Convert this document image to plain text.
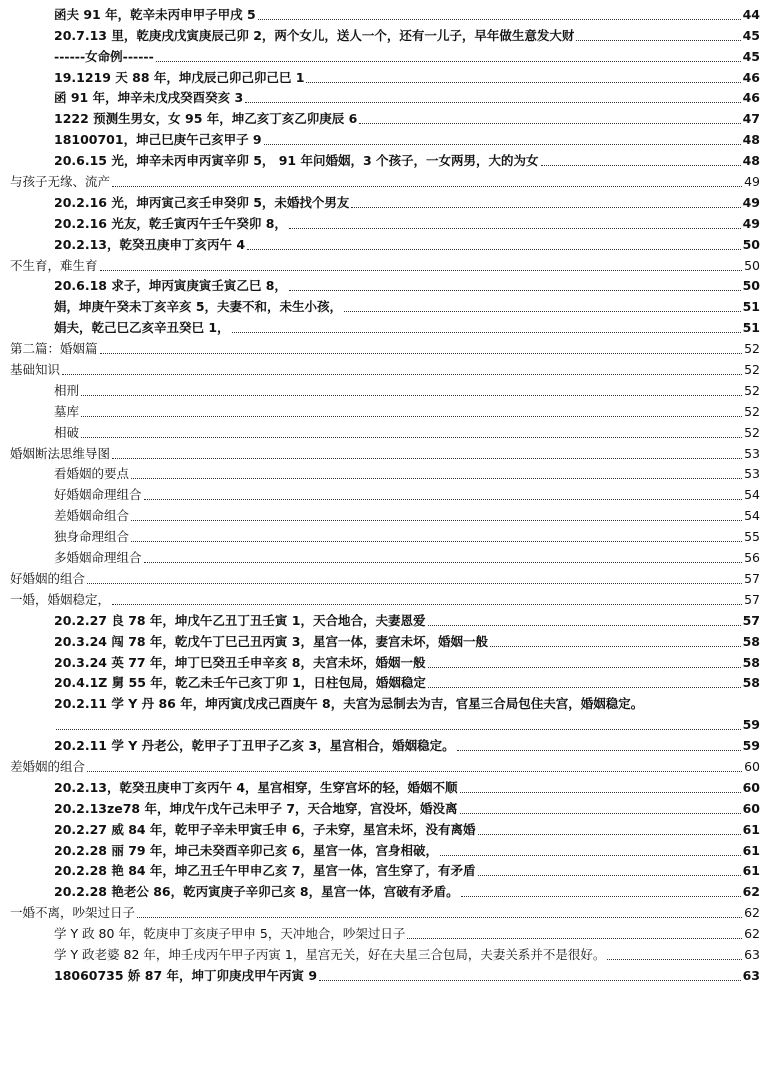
函夫 91 年，乾辛未丙申甲子甲戌 5	44
20.7.13 里，乾庚戌戊寅庚辰己卯 2，两个女儿，送人一个，还有一儿子，早年做生意发大财	45
------女命例------	45
19.1219 天 88 年，坤戊辰己卯己卯己巳 1	46
函 91 年，坤辛未戊戌癸酉癸亥 3	46
1222 预测生男女，女 95 年，坤乙亥丁亥乙卯庚辰 6	47
18100701，坤己巳庚午己亥甲子 9	48
20.6.15 光，坤辛未丙申丙寅辛卯 5， 91 年问婚姻，3 个孩子，一女两男，大的为女	48
与孩子无缘、流产	49
20.2.16 光，坤丙寅己亥壬申癸卯 5，未婚找个男友	49
20.2.16 光友，乾壬寅丙午壬午癸卯 8，	49
20.2.13，乾癸丑庚申丁亥丙午 4	50
不生育，难生育	50
20.6.18 求子，坤丙寅庚寅壬寅乙巳 8，	50
娟，坤庚午癸未丁亥辛亥 5，夫妻不和，未生小孩，	51
娟夫，乾己巳乙亥辛丑癸巳 1，	51
第二篇：婚姻篇	52
基础知识	52
相刑	52
墓库	52
相破	52
婚姻断法思维导图	53
看婚姻的要点	53
好婚姻命理组合	54
差婚姻命组合	54
独身命理组合	55
多婚姻命理组合	56
好婚姻的组合	57
一婚，婚姻稳定，	57
20.2.27 良 78 年，坤戊午乙丑丁丑壬寅 1，天合地合，夫妻恩爱	57
20.3.24 闯 78 年，乾戊午丁巳己丑丙寅 3，星宫一体，妻宫未坏，婚姻一般	58
20.3.24 英 77 年，坤丁巳癸丑壬申辛亥 8，夫宫未坏，婚姻一般	58
20.4.1Z 舅 55 年，乾乙未壬午己亥丁卯 1，日柱包局，婚姻稳定	58
20.2.11 学 Y 丹 86 年，坤丙寅戊戌己酉庚午 8，夫宫为忌制去为吉，官星三合局包住夫宫，婚姻稳定。
59
20.2.11 学 Y 丹老公，乾甲子丁丑甲子乙亥 3，星宫相合，婚姻稳定。	59
差婚姻的组合	60
20.2.13，乾癸丑庚申丁亥丙午 4，星宫相穿，生穿宫坏的轻，婚姻不顺	60
20.2.13ze78 年，坤戊午戊午己未甲子 7，天合地穿，宫没坏，婚没离	60
20.2.27 威 84 年，乾甲子辛未甲寅壬申 6，子未穿，星宫未坏，没有离婚	61
20.2.28 丽 79 年，坤己未癸酉辛卯己亥 6，星宫一体，宫身相破，	61
20.2.28 艳 84 年，坤乙丑壬午甲申乙亥 7，星宫一体，宫生穿了，有矛盾	61
20.2.28 艳老公 86，乾丙寅庚子辛卯己亥 8，星宫一体，宫破有矛盾。	62
一婚不离，吵架过日子	62
学 Y 政 80 年，乾庚申丁亥庚子甲申 5，天冲地合，吵架过日子	62
学 Y 政老婆 82 年，坤壬戌丙午甲子丙寅 1，星宫无关，好在夫星三合包局，夫妻关系并不是很好。	63
18060735 娇 87 年，坤丁卯庚戌甲午丙寅 9	63
